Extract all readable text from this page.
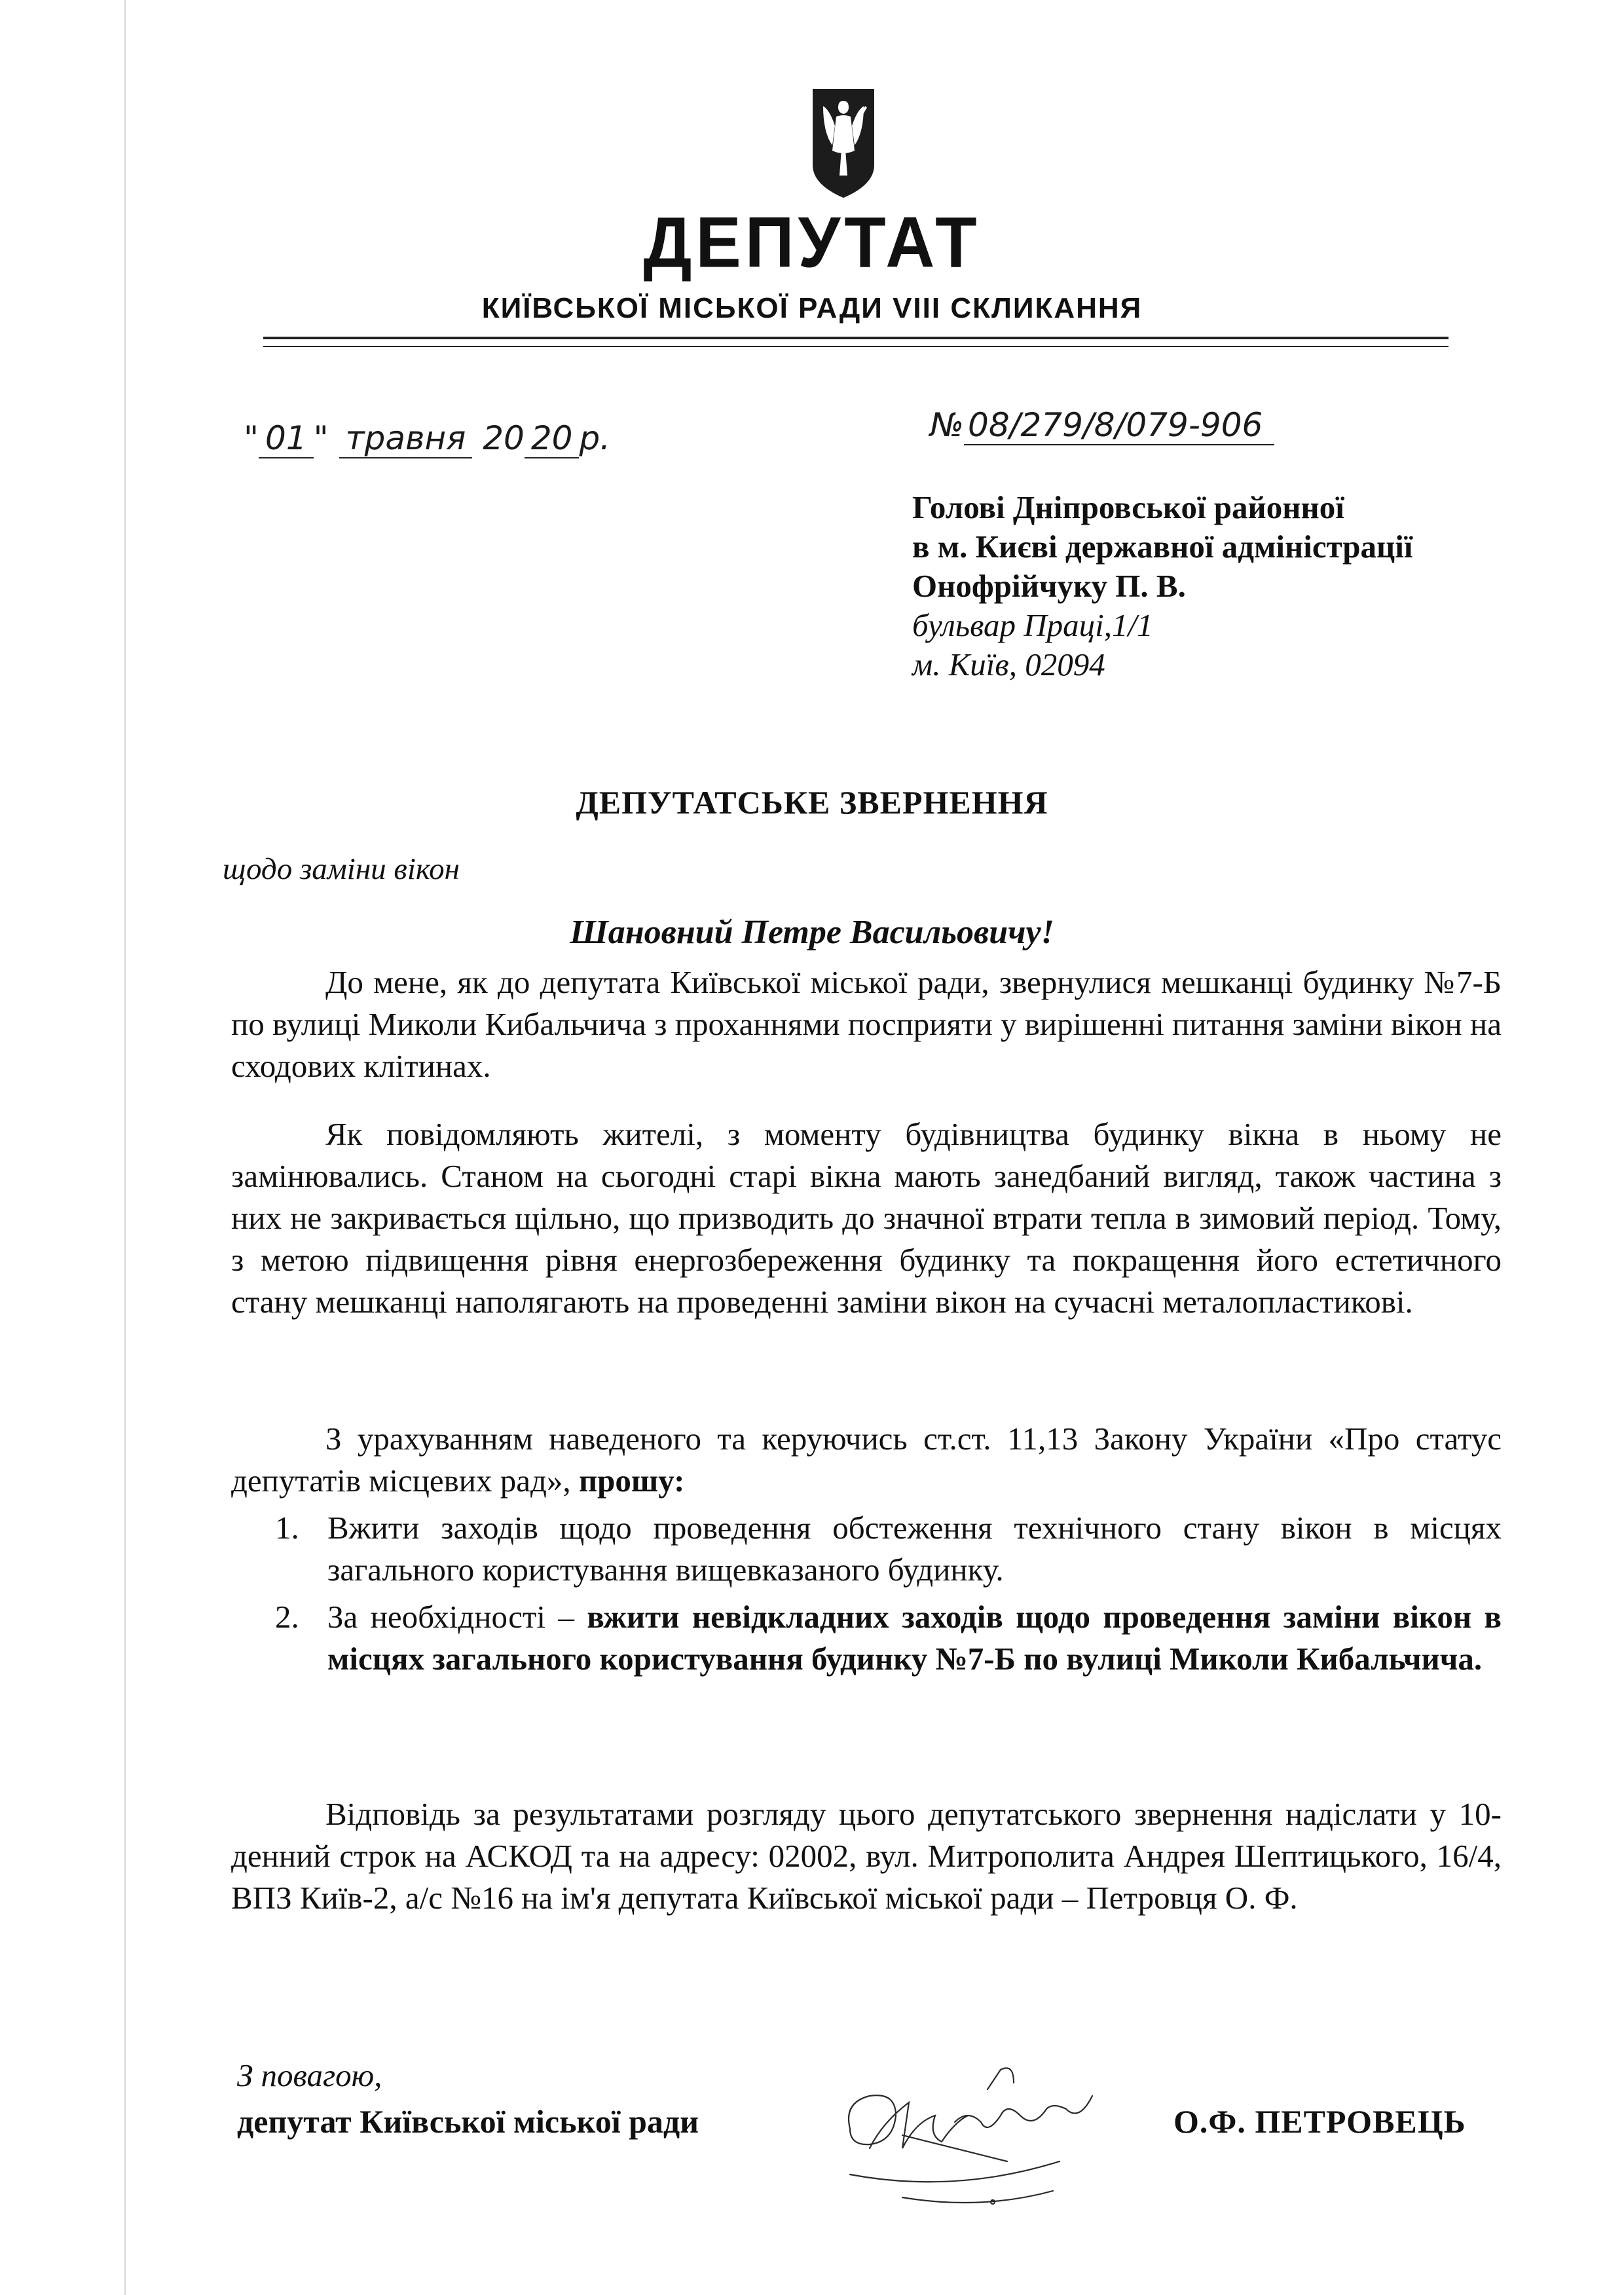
ДЕПУТАТ
КИЇВСЬКОЇ МІСЬКОЇ РАДИ VIII СКЛИКАННЯ
" 01 " травня 20 20 р.	№ 08/279/8/079-906
Голові Дніпровської районної
в м. Києві державної адміністрації
Онофрійчуку П. В.
бульвар Праці,1/1
м. Київ, 02094
ДЕПУТАТСЬКЕ ЗВЕРНЕННЯ
щодо заміни вікон
Шановний Петре Васильовичу!
До мене, як до депутата Київської міської ради, звернулися мешканці будинку №7-Б по вулиці Миколи Кибальчича з проханнями посприяти у вирішенні питання заміни вікон на сходових клітинах.
Як повідомляють жителі, з моменту будівництва будинку вікна в ньому не замінювались. Станом на сьогодні старі вікна мають занедбаний вигляд, також частина з них не закривається щільно, що призводить до значної втрати тепла в зимовий період. Тому, з метою підвищення рівня енергозбереження будинку та покращення його естетичного стану мешканці наполягають на проведенні заміни вікон на сучасні металопластикові.
З урахуванням наведеного та керуючись ст.ст. 11,13 Закону України «Про статус депутатів місцевих рад», прошу:
1. Вжити заходів щодо проведення обстеження технічного стану вікон в місцях загального користування вищевказаного будинку.
2. За необхідності – вжити невідкладних заходів щодо проведення заміни вікон в місцях загального користування будинку №7-Б по вулиці Миколи Кибальчича.
Відповідь за результатами розгляду цього депутатського звернення надіслати у 10-денний строк на АСКОД та на адресу: 02002, вул. Митрополита Андрея Шептицького, 16/4, ВПЗ Київ-2, а/с №16 на ім'я депутата Київської міської ради – Петровця О. Ф.
З повагою,
депутат Київської міської ради	О.Ф. ПЕТРОВЕЦЬ
